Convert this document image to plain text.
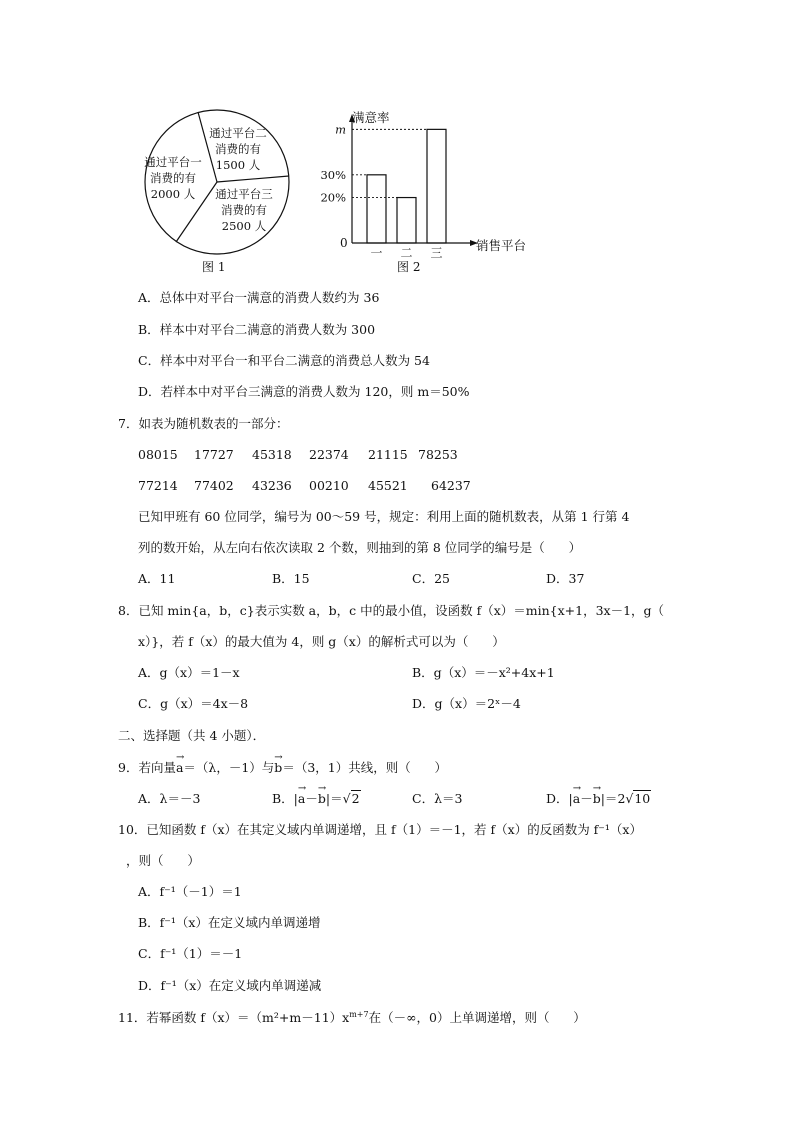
通过平台一
消费的有
2000 人
通过平台二
消费的有
1500 人
通过平台三
消费的有
2500 人
图 1
满意率
销售平台
0
一 二 三
m
30%
20%
图 2
A．总体中对平台一满意的消费人数约为 36
B．样本中对平台二满意的消费人数为 300
C．样本中对平台一和平台二满意的消费总人数为 54
D．若样本中对平台三满意的消费人数为 120，则 m＝50%
7．如表为随机数表的一部分：
08015	17727	45318	22374	21115 78253
77214	77402	43236	00210	45521	64237
已知甲班有 60 位同学，编号为 00～59 号，规定：利用上面的随机数表，从第 1 行第 4
列的数开始，从左向右依次读取 2 个数，则抽到的第 8 位同学的编号是（      ）
A．11	B．15	C．25	D．37
8．已知 min{a，b，c}表示实数 a，b，c 中的最小值，设函数 f（x）＝min{x+1，3x－1，g（
x）}，若 f（x）的最大值为 4，则 g（x）的解析式可以为（      ）
A．g（x）＝1－x	B．g（x）＝－x²+4x+1
C．g（x）＝4x－8	D．g（x）＝2ˣ－4
二、选择题（共 4 小题）．
9．若向量→ a＝（λ，－1）与→ b＝（3，1）共线，则（      ）
A．λ＝－3	B．|→ a－→ b|＝√2	C．λ＝3	D．|→ a－→ b|＝2√10
10．已知函数 f（x）在其定义域内单调递增，且 f（1）＝－1，若 f（x）的反函数为 f⁻¹（x）
，则（      ）
A．f⁻¹（－1）＝1
B．f⁻¹（x）在定义域内单调递增
C．f⁻¹（1）＝－1
D．f⁻¹（x）在定义域内单调递减
11．若幂函数 $f(x)=(m^2+m-11)x^{m+7}$在（－∞，0）上单调递增，则（      ）
